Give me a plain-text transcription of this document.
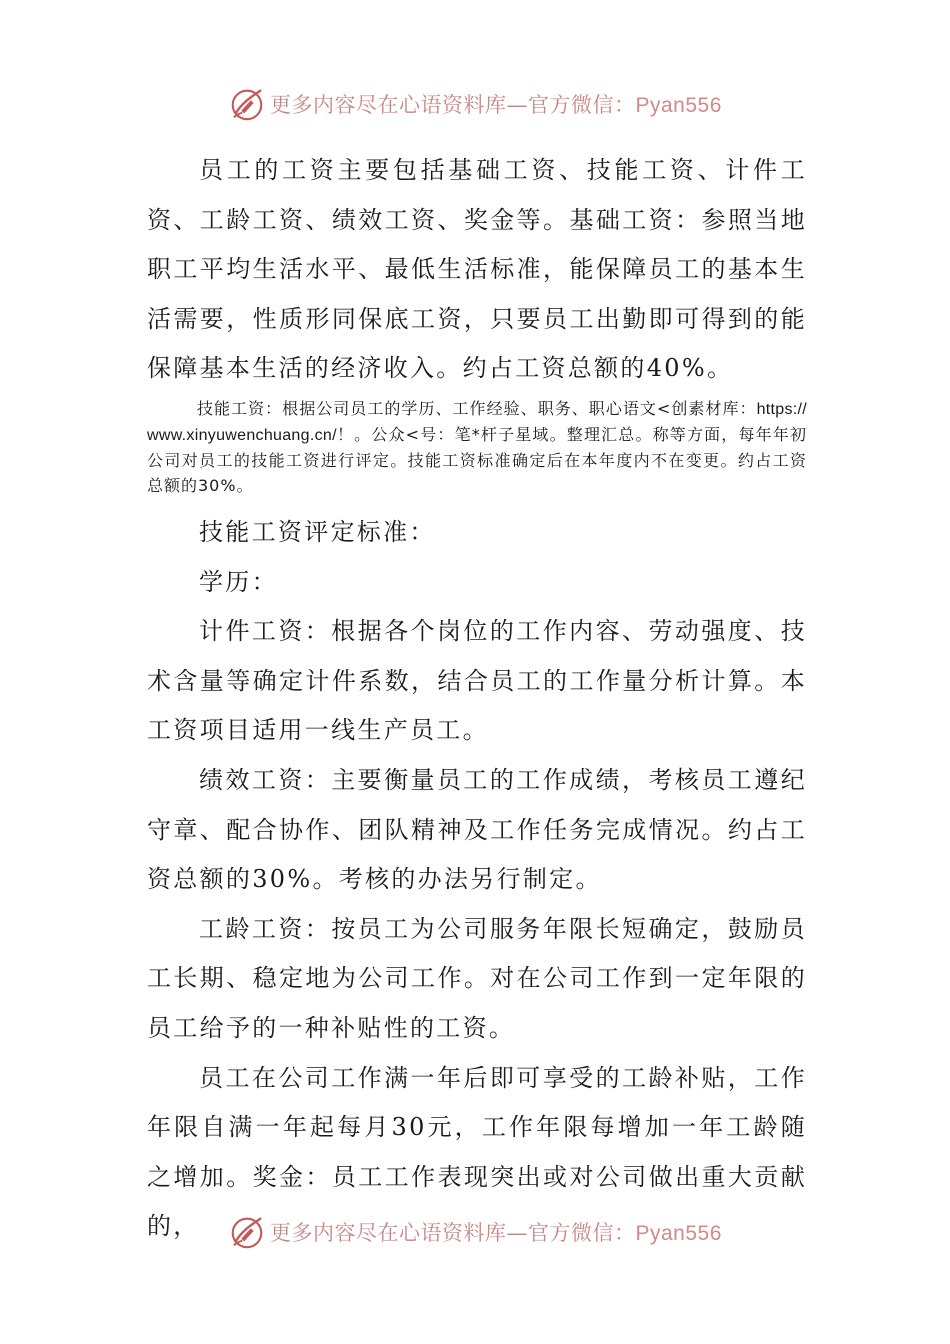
更多内容尽在心语资料库—官方微信：Pyan556

员工的工资主要包括基础工资、技能工资、计件工资、工龄工资、绩效工资、奖金等。基础工资：参照当地职工平均生活水平、最低生活标准，能保障员工的基本生活需要，性质形同保底工资，只要员工出勤即可得到的能保障基本生活的经济收入。约占工资总额的40%。

技能工资：根据公司员工的学历、工作经验、职务、职心语文<创素材库：https://www.xinyuwenchuang.cn/！。公众<号：笔*杆子星域。整理汇总。称等方面，每年年初公司对员工的技能工资进行评定。技能工资标准确定后在本年度内不在变更。约占工资总额的30%。

技能工资评定标准：

学历：

计件工资：根据各个岗位的工作内容、劳动强度、技术含量等确定计件系数，结合员工的工作量分析计算。本工资项目适用一线生产员工。

绩效工资：主要衡量员工的工作成绩，考核员工遵纪守章、配合协作、团队精神及工作任务完成情况。约占工资总额的30%。考核的办法另行制定。

工龄工资：按员工为公司服务年限长短确定，鼓励员工长期、稳定地为公司工作。对在公司工作到一定年限的员工给予的一种补贴性的工资。

员工在公司工作满一年后即可享受的工龄补贴，工作年限自满一年起每月30元，工作年限每增加一年工龄随之增加。奖金：员工工作表现突出或对公司做出重大贡献的，	更多内容尽在心语资料库—官方微信：Pyan556
